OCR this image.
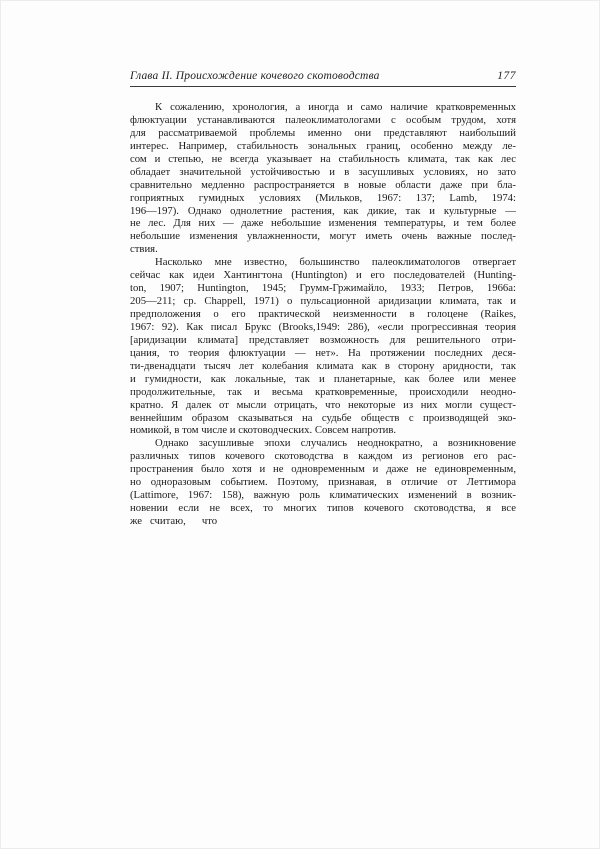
Глава II. Происхождение кочевого скотоводства	177
К сожалению, хронология, а иногда и само наличие кратковременных
флюктуации устанавливаются палеоклиматологами с особым трудом, хотя
для рассматриваемой проблемы именно они представляют наибольший
интерес. Например, стабильность зональных границ, особенно между ле-
сом и степью, не всегда указывает на стабильность климата, так как лес
обладает значительной устойчивостью и в засушливых условиях, но зато
сравнительно медленно распространяется в новые области даже при бла-
гоприятных гумидных условиях (Мильков, 1967: 137; Lamb, 1974:
196—197). Однако однолетние растения, как дикие, так и культурные —
не лес. Для них — даже небольшие изменения температуры, и тем более
небольшие изменения увлажненности, могут иметь очень важные послед-
ствия.
Насколько мне известно, большинство палеоклиматологов отвергает
сейчас как идеи Хантингтона (Huntington) и его последователей (Hunting-
ton, 1907; Huntington, 1945; Грумм-Гржимайло, 1933; Петров, 1966а:
205—211; ср. Chappell, 1971) о пульсационной аридизации климата, так и
предположения о его практической неизменности в голоцене (Raikes,
1967: 92). Как писал Брукс (Brooks,1949: 286), «если прогрессивная теория
[аридизации климата] представляет возможность для решительного отри-
цания, то теория флюктуации — нет». На протяжении последних деся-
ти-двенадцати тысяч лет колебания климата как в сторону аридности, так
и гумидности, как локальные, так и планетарные, как более или менее
продолжительные, так и весьма кратковременные, происходили неодно-
кратно. Я далек от мысли отрицать, что некоторые из них могли сущест-
веннейшим образом сказываться на судьбе обществ с производящей эко-
номикой, в том числе и скотоводческих. Совсем напротив.
Однако засушливые эпохи случались неоднократно, а возникновение
различных типов кочевого скотоводства в каждом из регионов его рас-
пространения было хотя и не одновременным и даже не единовременным,
но одноразовым событием. Поэтому, признавая, в отличие от Леттимора
(Lattimore, 1967: 158), важную роль климатических изменений в возник-
новении если не всех, то многих типов кочевого скотоводства, я все
же   считаю,      что
